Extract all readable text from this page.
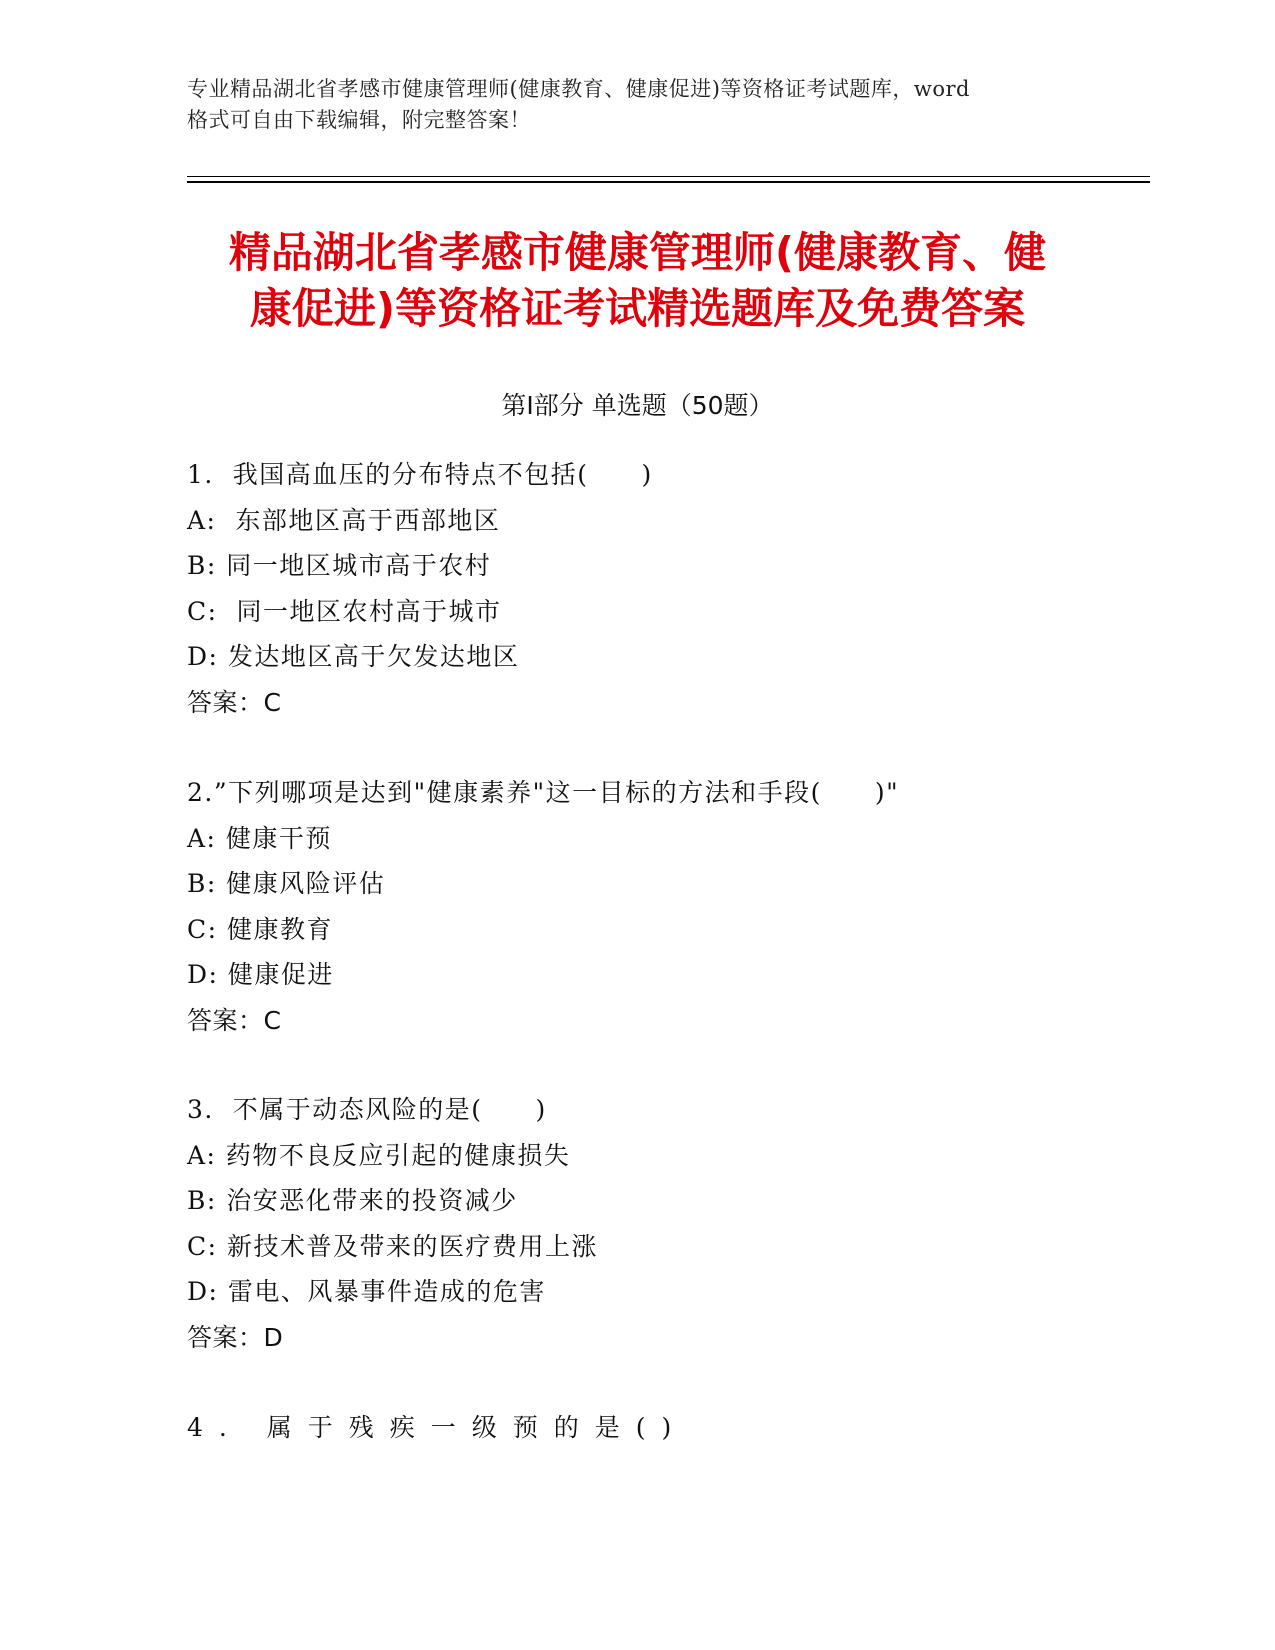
专业精品湖北省孝感市健康管理师(健康教育、健康促进)等资格证考试题库，word
格式可自由下载编辑，附完整答案！
精品湖北省孝感市健康管理师(健康教育、健
康促进)等资格证考试精选题库及免费答案
第Ⅰ部分 单选题（50题）
1.  我国高血压的分布特点不包括(　　)
A:  东部地区高于西部地区
B: 同一地区城市高于农村
C:  同一地区农村高于城市
D: 发达地区高于欠发达地区
答案：C
2.”下列哪项是达到"健康素养"这一目标的方法和手段(　　)"
A: 健康干预
B: 健康风险评估
C: 健康教育
D: 健康促进
答案：C
3.  不属于动态风险的是(　　)
A: 药物不良反应引起的健康损失
B: 治安恶化带来的投资减少
C: 新技术普及带来的医疗费用上涨
D: 雷电、风暴事件造成的危害
答案：D
4. 属于残疾一级预的是()
